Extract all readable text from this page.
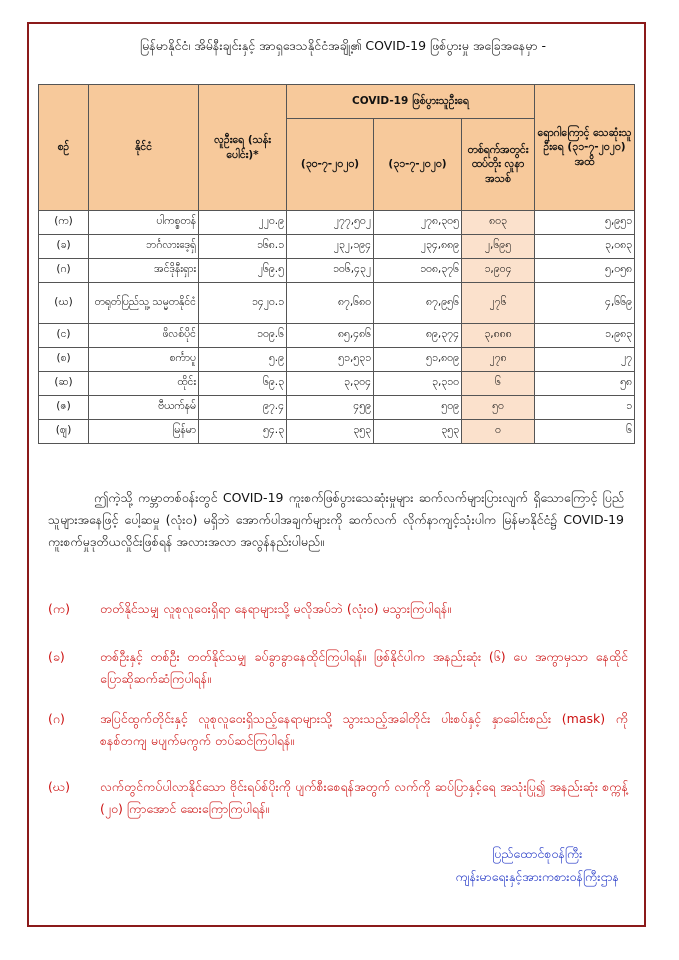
မြန်မာနိုင်ငံ၊ အိမ်နီးချင်းနှင့် အာရှဒေသနိုင်ငံအချို့၏ COVID-19 ဖြစ်ပွားမှု အခြေအနေမှာ -
စဉ်	နိုင်ငံ	လူဦးရေ (သန်းပေါင်း)*	COVID-19 ဖြစ်ပွားသူဦးရေ			ရောဂါကြောင့် သေဆုံးသူဦးရေ (၃၁-၇-၂၀၂၀) အထိ
			(၃၀-၇-၂၀၂၀)	(၃၁-၇-၂၀၂၀)	တစ်ရက်အတွင်း ထပ်တိုး လူနာအသစ်	
(က)	ပါကစ္စတန်	၂၂၀.၉	၂၇၇,၅၀၂	၂၇၈,၃၀၅	၈၀၃	၅,၉၅၁
(ခ)	ဘင်္ဂလားဒေ့ရှ်	၁၆၈.၁	၂၃၂,၁၉၄	၂၃၄,၈၈၉	၂,၆၉၅	၃,၀၈၃
(ဂ)	အင်ဒိုနီးရှား	၂၆၉.၅	၁၀၆,၄၃၂	၁၀၈,၃၇၆	၁,၉၀၄	၅,၀၅၈
(ဃ)	တရုတ်ပြည်သူ့ သမ္မတနိုင်ငံ	၁၄၂၀.၁	၈၇,၆၈၀	၈၇,၉၅၆	၂၇၆	၄,၆၆၉
(င)	ဖိလစ်ပိုင်	၁၀၉.၆	၈၅,၄၈၆	၈၉,၃၇၄	၃,၈၈၈	၁,၉၈၃
(စ)	စင်္ကာပူ	၅.၉	၅၁,၅၃၁	၅၁,၈၀၉	၂၇၈	၂၇
(ဆ)	ထိုင်း	၆၉.၃	၃,၃၀၄	၃,၃၁၀	၆	၅၈
(ဇ)	ဗီယက်နမ်	၉၇.၄	၄၅၉	၅၀၉	၅၀	၁
(ဈ)	မြန်မာ	၅၄.၃	၃၅၃	၃၅၃	၀	၆
ဤကဲ့သို့ ကမ္ဘာတစ်ဝန်းတွင် COVID-19 ကူးစက်ဖြစ်ပွားသေဆုံးမှုများ ဆက်လက်များပြားလျက် ရှိသောကြောင့် ပြည်သူများအနေဖြင့် ပေါ့ဆမှု (လုံးဝ) မရှိဘဲ အောက်ပါအချက်များကို ဆက်လက် လိုက်နာကျင့်သုံးပါက မြန်မာနိုင်ငံ၌ COVID-19 ကူးစက်မှုဒုတိယလှိုင်းဖြစ်ရန် အလားအလာ အလွန်နည်းပါမည်။
(က)	တတ်နိုင်သမျှ လူစုလူဝေးရှိရာ နေရာများသို့ မလိုအပ်ဘဲ (လုံးဝ) မသွားကြပါရန်။
(ခ)	တစ်ဦးနှင့် တစ်ဦး တတ်နိုင်သမျှ ခပ်ခွာခွာနေထိုင်ကြပါရန်။ ဖြစ်နိုင်ပါက အနည်းဆုံး (၆) ပေ အကွာမှသာ နေထိုင်ပြောဆိုဆက်ဆံကြပါရန်။
(ဂ)	အပြင်ထွက်တိုင်းနှင့် လူစုလူဝေးရှိသည့်နေရာများသို့ သွားသည့်အခါတိုင်း ပါးစပ်နှင့် နှာခေါင်းစည်း (mask) ကို စနစ်တကျ မပျက်မကွက် တပ်ဆင်ကြပါရန်။
(ဃ)	လက်တွင်ကပ်ပါလာနိုင်သော ဗိုင်းရပ်စ်ပိုးကို ပျက်စီးစေရန်အတွက် လက်ကို ဆပ်ပြာနှင့်ရေ အသုံးပြု၍ အနည်းဆုံး စက္ကန့် (၂၀) ကြာအောင် ဆေးကြောကြပါရန်။
ပြည်ထောင်စုဝန်ကြီး
ကျန်းမာရေးနှင့်အားကစားဝန်ကြီးဌာန
